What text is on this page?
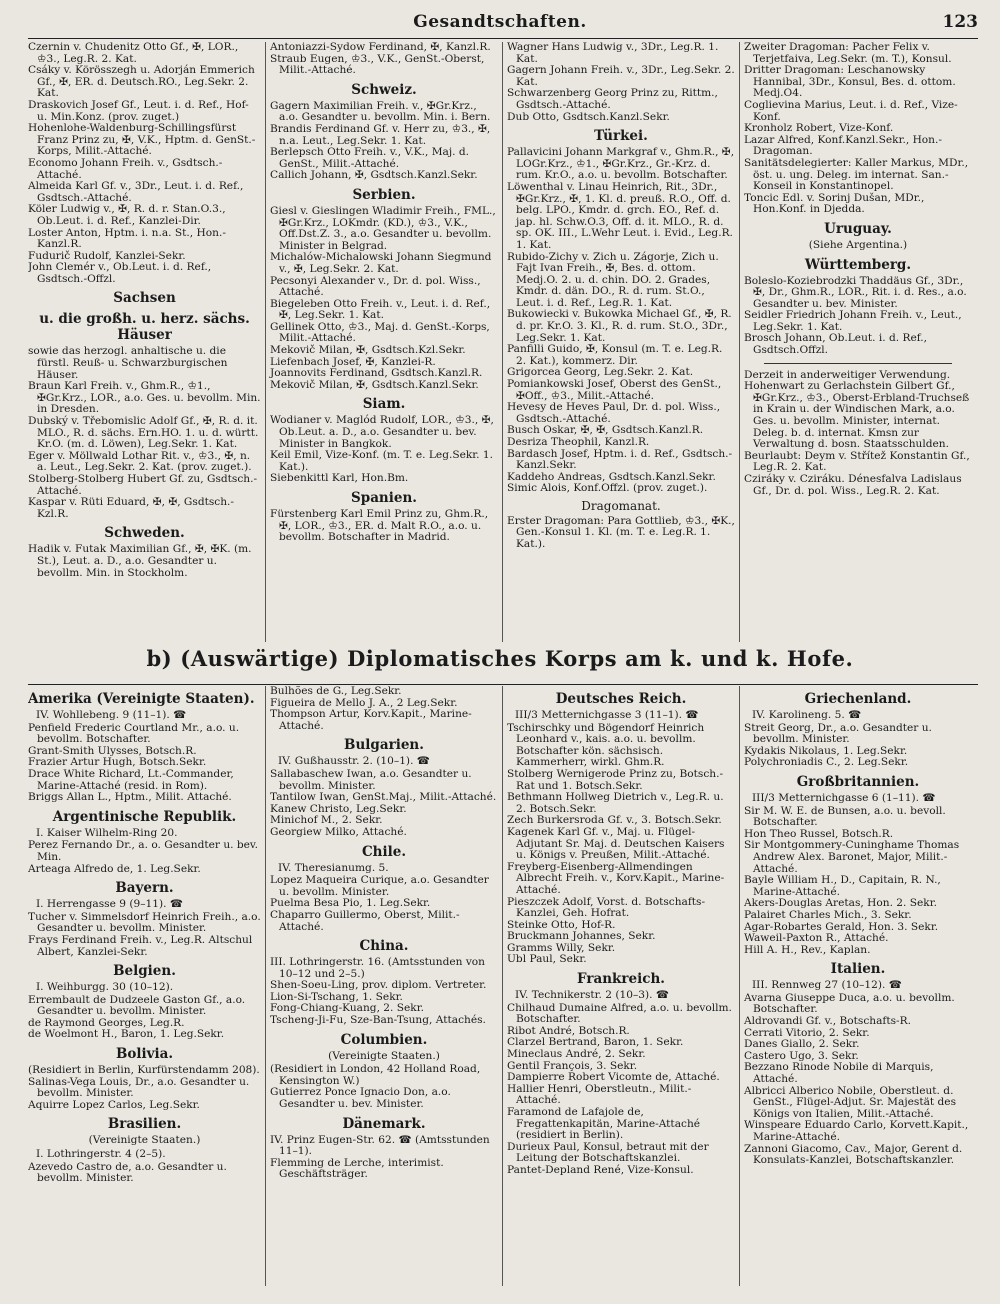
Gesandtschaften.	123
Czernin v. Chudenitz Otto Gf., ✠, LOR., ♔3., Leg.R. 2. Kat.
Csáky v. Körösszegh u. Adorján Emmerich Gf., ✠, ER. d. Deutsch.RO., Leg.Sekr. 2. Kat.
Draskovich Josef Gf., Leut. i. d. Ref., Hof- u. Min.Konz. (prov. zuget.)
Hohenlohe-Waldenburg-Schillingsfürst Franz Prinz zu, ✠, V.K., Hptm. d. GenSt.-Korps, Milit.-Attaché.
Economo Johann Freih. v., Gsdtsch.-Attaché.
Almeida Karl Gf. v., 3Dr., Leut. i. d. Ref., Gsdtsch.-Attaché.
Köler Ludwig v., ✠, R. d. r. Stan.O.3., Ob.Leut. i. d. Ref., Kanzlei-Dir.
Loster Anton, Hptm. i. n.a. St., Hon.-Kanzl.R.
Fudurič Rudolf, Kanzlei-Sekr.
John Clemér v., Ob.Leut. i. d. Ref., Gsdtsch.-Offzl.
Sachsen
u. die großh. u. herz. sächs. Häuser
sowie das herzogl. anhaltische u. die fürstl. Reuß- u. Schwarzburgischen Häuser.
Braun Karl Freih. v., Ghm.R., ♔1., ✠Gr.Krz., LOR., a.o. Ges. u. bevollm. Min. in Dresden.
Dubský v. Třebomislic Adolf Gf., ✠, R. d. it. MLO., R. d. sächs. Ern.HO. 1. u. d. württ. Kr.O. (m. d. Löwen), Leg.Sekr. 1. Kat.
Eger v. Möllwald Lothar Rit. v., ♔3., ✠, n. a. Leut., Leg.Sekr. 2. Kat. (prov. zuget.).
Stolberg-Stolberg Hubert Gf. zu, Gsdtsch.-Attaché.
Kaspar v. Rüti Eduard, ✠, ✠, Gsdtsch.-Kzl.R.
Schweden.
Hadik v. Futak Maximilian Gf., ✠, ✠K. (m. St.), Leut. a. D., a.o. Gesandter u. bevollm. Min. in Stockholm.
Antoniazzi-Sydow Ferdinand, ✠, Kanzl.R.
Straub Eugen, ♔3., V.K., GenSt.-Oberst, Milit.-Attaché.
Schweiz.
Gagern Maximilian Freih. v., ✠Gr.Krz., a.o. Gesandter u. bevollm. Min. i. Bern.
Brandis Ferdinand Gf. v. Herr zu, ♔3., ✠, n.a. Leut., Leg.Sekr. 1. Kat.
Berlepsch Otto Freih. v., V.K., Maj. d. GenSt., Milit.-Attaché.
Callich Johann, ✠, Gsdtsch.Kanzl.Sekr.
Serbien.
Giesl v. Gieslingen Wladimir Freih., FML., ✠Gr.Krz., LOKmdr. (KD.), ♔3., V.K., Off.Dst.Z. 3., a.o. Gesandter u. bevollm. Minister in Belgrad.
Michalów-Michalowski Johann Siegmund v., ✠, Leg.Sekr. 2. Kat.
Pecsonyi Alexander v., Dr. d. pol. Wiss., Attaché.
Biegeleben Otto Freih. v., Leut. i. d. Ref., ✠, Leg.Sekr. 1. Kat.
Gellinek Otto, ♔3., Maj. d. GenSt.-Korps, Milit.-Attaché.
Mekovič Milan, ✠, Gsdtsch.Kzl.Sekr.
Liefenbach Josef, ✠, Kanzlei-R.
Joannovits Ferdinand, Gsdtsch.Kanzl.R.
Mekovič Milan, ✠, Gsdtsch.Kanzl.Sekr.
Siam.
Wodianer v. Maglód Rudolf, LOR., ♔3., ✠, Ob.Leut. a. D., a.o. Gesandter u. bev. Minister in Bangkok.
Keil Emil, Vize-Konf. (m. T. e. Leg.Sekr. 1. Kat.).
Siebenkittl Karl, Hon.Bm.
Spanien.
Fürstenberg Karl Emil Prinz zu, Ghm.R., ✠, LOR., ♔3., ER. d. Malt R.O., a.o. u. bevollm. Botschafter in Madrid.
Wagner Hans Ludwig v., 3Dr., Leg.R. 1. Kat.
Gagern Johann Freih. v., 3Dr., Leg.Sekr. 2. Kat.
Schwarzenberg Georg Prinz zu, Rittm., Gsdtsch.-Attaché.
Dub Otto, Gsdtsch.Kanzl.Sekr.
Türkei.
Pallavicini Johann Markgraf v., Ghm.R., ✠, LOGr.Krz., ♔1., ✠Gr.Krz., Gr.-Krz. d. rum. Kr.O., a.o. u. bevollm. Botschafter.
Löwenthal v. Linau Heinrich, Rit., 3Dr., ✠Gr.Krz., ✠, 1. Kl. d. preuß. R.O., Off. d. belg. LPO., Kmdr. d. grch. EO., Ref. d. jap. hl. Schw.O.3, Off. d. it. MLO., R. d. sp. OK. III., L.Wehr Leut. i. Evid., Leg.R. 1. Kat.
Rubido-Zichy v. Zich u. Zágorje, Zich u. Fajt Ivan Freih., ✠, Bes. d. ottom. Medj.O. 2. u. d. chin. DO. 2. Grades, Kmdr. d. dän. DO., R. d. rum. St.O., Leut. i. d. Ref., Leg.R. 1. Kat.
Bukowiecki v. Bukowka Michael Gf., ✠, R. d. pr. Kr.O. 3. Kl., R. d. rum. St.O., 3Dr., Leg.Sekr. 1. Kat.
Panfilli Guido, ✠, Konsul (m. T. e. Leg.R. 2. Kat.), kommerz. Dir.
Grigorcea Georg, Leg.Sekr. 2. Kat.
Pomiankowski Josef, Oberst des GenSt., ✠Off., ♔3., Milit.-Attaché.
Hevesy de Heves Paul, Dr. d. pol. Wiss., Gsdtsch.-Attaché.
Busch Oskar, ✠, ✠, Gsdtsch.Kanzl.R.
Desriza Theophil, Kanzl.R.
Bardasch Josef, Hptm. i. d. Ref., Gsdtsch.-Kanzl.Sekr.
Kaddeho Andreas, Gsdtsch.Kanzl.Sekr.
Simic Alois, Konf.Offzl. (prov. zuget.).
Dragomanat.
Erster Dragoman: Para Gottlieb, ♔3., ✠K., Gen.-Konsul 1. Kl. (m. T. e. Leg.R. 1. Kat.).
Zweiter Dragoman: Pacher Felix v. Terjetfaiva, Leg.Sekr. (m. T.), Konsul.
Dritter Dragoman: Leschanowsky Hannibal, 3Dr., Konsul, Bes. d. ottom. Medj.O4.
Coglievina Marius, Leut. i. d. Ref., Vize-Konf.
Kronholz Robert, Vize-Konf.
Lazar Alfred, Konf.Kanzl.Sekr., Hon.-Dragoman.
Sanitätsdelegierter: Kaller Markus, MDr., öst. u. ung. Deleg. im internat. San.-Konseil in Konstantinopel.
Toncic Edl. v. Sorinj Dušan, MDr., Hon.Konf. in Djedda.
Uruguay.
(Siehe Argentina.)
Württemberg.
Boleslo-Koziebrodzki Thaddäus Gf., 3Dr., ✠, Dr., Ghm.R., LOR., Rit. i. d. Res., a.o. Gesandter u. bev. Minister.
Seidler Friedrich Johann Freih. v., Leut., Leg.Sekr. 1. Kat.
Brosch Johann, Ob.Leut. i. d. Ref., Gsdtsch.Offzl.
Derzeit in anderweitiger Verwendung.
Hohenwart zu Gerlachstein Gilbert Gf., ✠Gr.Krz., ♔3., Oberst-Erbland-Truchseß in Krain u. der Windischen Mark, a.o. Ges. u. bevollm. Minister, internat. Deleg. b. d. internat. Kmsn zur Verwaltung d. bosn. Staatsschulden.
Beurlaubt: Deym v. Střítež Konstantin Gf., Leg.R. 2. Kat.
Cziráky v. Cziráku. Dénesfalva Ladislaus Gf., Dr. d. pol. Wiss., Leg.R. 2. Kat.
b) (Auswärtige) Diplomatisches Korps am k. und k. Hofe.
Amerika (Vereinigte Staaten).
IV. Wohllebeng. 9 (11–1). ☎
Penfield Frederic Courtland Mr., a.o. u. bevollm. Botschafter.
Grant-Smith Ulysses, Botsch.R.
Frazier Artur Hugh, Botsch.Sekr.
Drace White Richard, Lt.-Commander, Marine-Attaché (resid. in Rom).
Briggs Allan L., Hptm., Milit. Attaché.
Argentinische Republik.
I. Kaiser Wilhelm-Ring 20.
Perez Fernando Dr., a. o. Gesandter u. bev. Min.
Arteaga Alfredo de, 1. Leg.Sekr.
Bayern.
I. Herrengasse 9 (9–11). ☎
Tucher v. Simmelsdorf Heinrich Freih., a.o. Gesandter u. bevollm. Minister.
Frays Ferdinand Freih. v., Leg.R. Altschul Albert, Kanzlei-Sekr.
Belgien.
I. Weihburgg. 30 (10–12).
Errembault de Dudzeele Gaston Gf., a.o. Gesandter u. bevollm. Minister.
de Raymond Georges, Leg.R.
de Woelmont H., Baron, 1. Leg.Sekr.
Bolivia.
(Residiert in Berlin, Kurfürstendamm 208).
Salinas-Vega Louis, Dr., a.o. Gesandter u. bevollm. Minister.
Aquirre Lopez Carlos, Leg.Sekr.
Brasilien.
(Vereinigte Staaten.)
I. Lothringerstr. 4 (2–5).
Azevedo Castro de, a.o. Gesandter u. bevollm. Minister.
Bulhões de G., Leg.Sekr.
Figueira de Mello J. A., 2 Leg.Sekr.
Thompson Artur, Korv.Kapit., Marine-Attaché.
Bulgarien.
IV. Gußhausstr. 2. (10–1). ☎
Sallabaschew Iwan, a.o. Gesandter u. bevollm. Minister.
Tantilow Iwan, GenSt.Maj., Milit.-Attaché.
Kanew Christo, Leg.Sekr.
Minichof M., 2. Sekr.
Georgiew Milko, Attaché.
Chile.
IV. Theresianumg. 5.
Lopez Maqueira Curique, a.o. Gesandter u. bevollm. Minister.
Puelma Besa Pio, 1. Leg.Sekr.
Chaparro Guillermo, Oberst, Milit.-Attaché.
China.
III. Lothringerstr. 16. (Amtsstunden von 10–12 und 2–5.)
Shen-Soeu-Ling, prov. diplom. Vertreter.
Lion-Si-Tschang, 1. Sekr.
Fong-Chiang-Kuang, 2. Sekr.
Tscheng-Ji-Fu, Sze-Ban-Tsung, Attachés.
Columbien.
(Vereinigte Staaten.)
(Residiert in London, 42 Holland Road, Kensington W.)
Gutierrez Ponce Ignacio Don, a.o. Gesandter u. bev. Minister.
Dänemark.
IV. Prinz Eugen-Str. 62. ☎ (Amtsstunden 11–1).
Flemming de Lerche, interimist. Geschäftsträger.
Deutsches Reich.
III/3 Metternichgasse 3 (11–1). ☎
Tschirschky und Bögendorf Heinrich Leonhard v., kais. a.o. u. bevollm. Botschafter kön. sächsisch. Kammerherr, wirkl. Ghm.R.
Stolberg Wernigerode Prinz zu, Botsch.-Rat und 1. Botsch.Sekr.
Bethmann Hollweg Dietrich v., Leg.R. u. 2. Botsch.Sekr.
Zech Burkersroda Gf. v., 3. Botsch.Sekr.
Kagenek Karl Gf. v., Maj. u. Flügel-Adjutant Sr. Maj. d. Deutschen Kaisers u. Königs v. Preußen, Milit.-Attaché.
Freyberg-Eisenberg-Allmendingen Albrecht Freih. v., Korv.Kapit., Marine-Attaché.
Pieszczek Adolf, Vorst. d. Botschafts-Kanzlei, Geh. Hofrat.
Steinke Otto, Hof-R.
Bruckmann Johannes, Sekr.
Gramms Willy, Sekr.
Ubl Paul, Sekr.
Frankreich.
IV. Technikerstr. 2 (10–3). ☎
Chilhaud Dumaine Alfred, a.o. u. bevollm. Botschafter.
Ribot André, Botsch.R.
Clarzel Bertrand, Baron, 1. Sekr.
Mineclaus André, 2. Sekr.
Gentil François, 3. Sekr.
Dampierre Robert Vicomte de, Attaché.
Hallier Henri, Oberstleutn., Milit.-Attaché.
Faramond de Lafajole de, Fregattenkapitän, Marine-Attaché (residiert in Berlin).
Durieux Paul, Konsul, betraut mit der Leitung der Botschaftskanzlei.
Pantet-Depland René, Vize-Konsul.
Griechenland.
IV. Karolineng. 5. ☎
Streit Georg, Dr., a.o. Gesandter u. bevollm. Minister.
Kydakis Nikolaus, 1. Leg.Sekr.
Polychroniadis C., 2. Leg.Sekr.
Großbritannien.
III/3 Metternichgasse 6 (1–11). ☎
Sir M. W. E. de Bunsen, a.o. u. bevoll. Botschafter.
Hon Theo Russel, Botsch.R.
Sir Montgommery-Cuninghame Thomas Andrew Alex. Baronet, Major, Milit.-Attaché.
Bayle William H., D., Capitain, R. N., Marine-Attaché.
Akers-Douglas Aretas, Hon. 2. Sekr.
Palairet Charles Mich., 3. Sekr.
Agar-Robartes Gerald, Hon. 3. Sekr.
Waweil-Paxton R., Attaché.
Hill A. H., Rev., Kaplan.
Italien.
III. Rennweg 27 (10–12). ☎
Avarna Giuseppe Duca, a.o. u. bevollm. Botschafter.
Aldrovandi Gf. v., Botschafts-R.
Cerrati Vitorio, 2. Sekr.
Danes Giallo, 2. Sekr.
Castero Ugo, 3. Sekr.
Bezzano Rinode Nobile di Marquis, Attaché.
Albricci Alberico Nobile, Oberstleut. d. GenSt., Flügel-Adjut. Sr. Majestät des Königs von Italien, Milit.-Attaché.
Winspeare Eduardo Carlo, Korvett.Kapit., Marine-Attaché.
Zannoni Giacomo, Cav., Major, Gerent d. Konsulats-Kanzlei, Botschaftskanzler.
